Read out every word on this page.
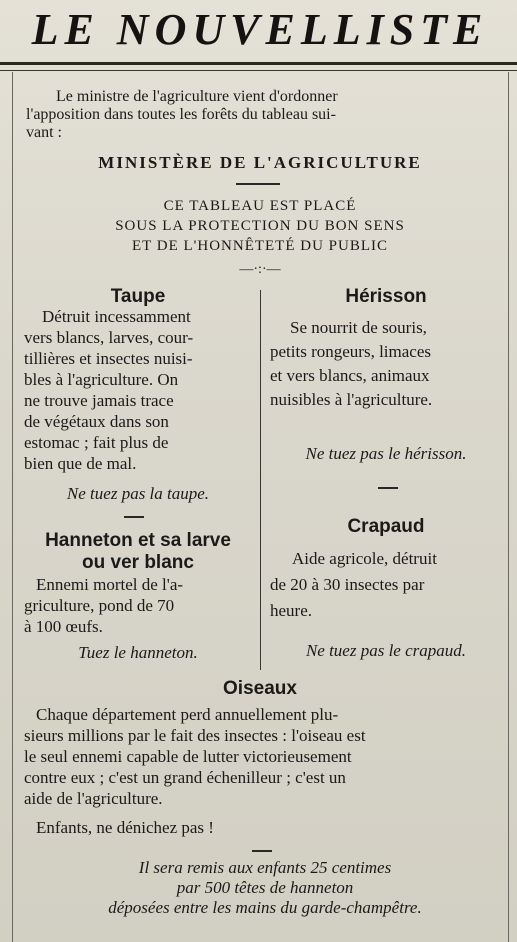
LE NOUVELLISTE
Le ministre de l'agriculture vient d'ordonner
l'apposition dans toutes les forêts du tableau sui-
vant :
MINISTÈRE DE L'AGRICULTURE
CE TABLEAU EST PLACÉ
SOUS LA PROTECTION DU BON SENS
ET DE L'HONNÊTETÉ DU PUBLIC
—·:·—
Taupe
Détruit incessamment
vers blancs, larves, cour-
tillières et insectes nuisi-
bles à l'agriculture. On
ne trouve jamais trace
de végétaux dans son
estomac ; fait plus de
bien que de mal.
Ne tuez pas la taupe.
Hérisson
Se nourrit de souris,
petits rongeurs, limaces
et vers blancs, animaux
nuisibles à l'agriculture.
Ne tuez pas le hérisson.
Hanneton et sa larve
ou ver blanc
Ennemi mortel de l'a-
griculture, pond de 70
à 100 œufs.
Tuez le hanneton.
Crapaud
Aide agricole, détruit
de 20 à 30 insectes par
heure.
Ne tuez pas le crapaud.
Oiseaux
Chaque département perd annuellement plu-
sieurs millions par le fait des insectes : l'oiseau est
le seul ennemi capable de lutter victorieusement
contre eux ; c'est un grand échenilleur ; c'est un
aide de l'agriculture.
Enfants, ne dénichez pas !
Il sera remis aux enfants 25 centimes
par 500 têtes de hanneton
déposées entre les mains du garde-champêtre.
